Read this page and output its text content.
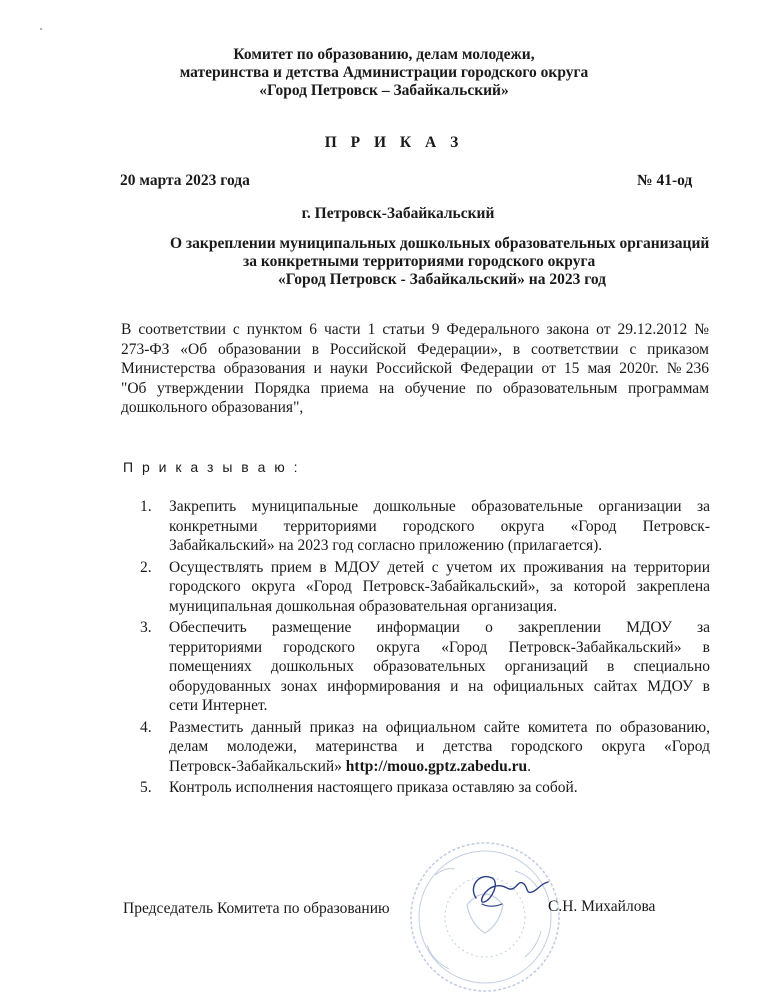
Комитет по образованию, делам молодежи,
материнства и детства Администрации городского округа
«Город Петровск – Забайкальский»
П Р И К А З
20 марта 2023 года	№ 41-од
г. Петровск-Забайкальский
О закреплении муниципальных дошкольных образовательных организаций
за конкретными территориями городского округа
«Город Петровск - Забайкальский» на 2023 год
В соответствии с пунктом 6 части 1 статьи 9 Федерального закона от 29.12.2012 №
273-ФЗ «Об образовании в Российской Федерации», в соответствии с приказом
Министерства образования и науки Российской Федерации от 15 мая 2020г. №236
"Об утверждении Порядка приема на обучение по образовательным программам
дошкольного образования",
П р и к а з ы в а ю :
1. Закрепить муниципальные дошкольные образовательные организации за
конкретными территориями городского округа «Город Петровск-
Забайкальский» на 2023 год согласно приложению (прилагается).
2. Осуществлять прием в МДОУ детей с учетом их проживания на территории
городского округа «Город Петровск-Забайкальский», за которой закреплена
муниципальная дошкольная образовательная организация.
3. Обеспечить размещение информации о закреплении МДОУ за
территориями городского округа «Город Петровск-Забайкальский» в
помещениях дошкольных образовательных организаций в специально
оборудованных зонах информирования и на официальных сайтах МДОУ в
сети Интернет.
4. Разместить данный приказ на официальном сайте комитета по образованию,
делам молодежи, материнства и детства городского округа «Город
Петровск-Забайкальский» http://mouo.gptz.zabedu.ru.
5. Контроль исполнения настоящего приказа оставляю за собой.
Председатель Комитета по образованию	С.Н. Михайлова
